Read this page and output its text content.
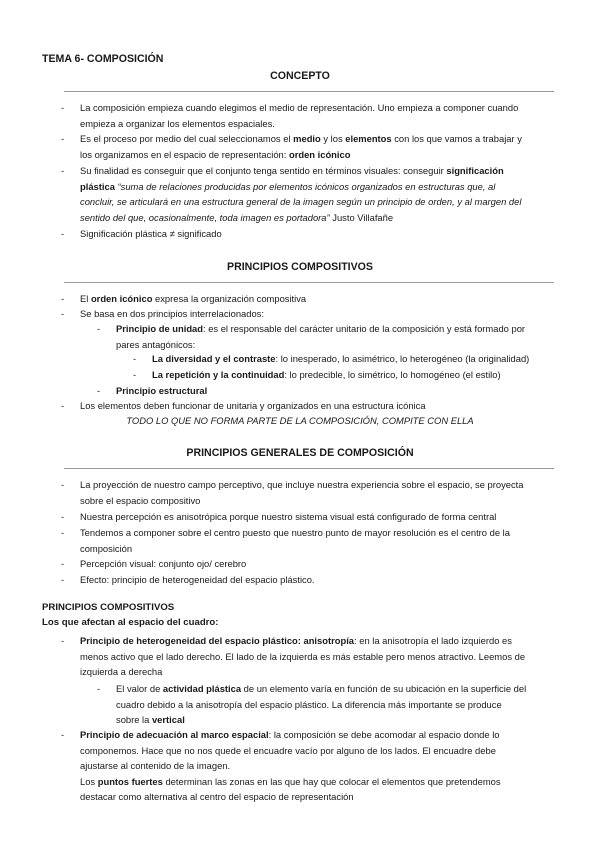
TEMA 6- COMPOSICIÓN
CONCEPTO
- La composición empieza cuando elegimos el medio de representación. Uno empieza a componer cuando
empieza a organizar los elementos espaciales.
- Es el proceso por medio del cual seleccionamos el medio y los elementos con los que vamos a trabajar y
los organizamos en el espacio de representación: orden icónico
- Su finalidad es conseguir que el conjunto tenga sentido en términos visuales: conseguir significación
plástica “suma de relaciones producidas por elementos icónicos organizados en estructuras que, al
concluir, se articulará en una estructura general de la imagen según un principio de orden, y al margen del
sentido del que, ocasionalmente, toda imagen es portadora” Justo Villafañe
- Significación plástica ≠ significado
PRINCIPIOS COMPOSITIVOS
- El orden icónico expresa la organización compositiva
- Se basa en dos principios interrelacionados:
- Principio de unidad: es el responsable del carácter unitario de la composición y está formado por
pares antagónicos:
- La diversidad y el contraste: lo inesperado, lo asimétrico, lo heterogéneo (la originalidad)
- La repetición y la continuidad: lo predecible, lo simétrico, lo homogéneo (el estilo)
- Principio estructural
- Los elementos deben funcionar de unitaria y organizados en una estructura icónica
TODO LO QUE NO FORMA PARTE DE LA COMPOSICIÓN, COMPITE CON ELLA
PRINCIPIOS GENERALES DE COMPOSICIÓN
- La proyección de nuestro campo perceptivo, que incluye nuestra experiencia sobre el espacio, se proyecta
sobre el espacio compositivo
- Nuestra percepción es anisotrópica porque nuestro sistema visual está configurado de forma central
- Tendemos a componer sobre el centro puesto que nuestro punto de mayor resolución es el centro de la
composición
- Percepción visual: conjunto ojo/ cerebro
- Efecto: principio de heterogeneidad del espacio plástico.
PRINCIPIOS COMPOSITIVOS
Los que afectan al espacio del cuadro:
- Principio de heterogeneidad del espacio plástico: anisotropía: en la anisotropía el lado izquierdo es
menos activo que el lado derecho. El lado de la izquierda es más estable pero menos atractivo. Leemos de
izquierda a derecha
- El valor de actividad plástica de un elemento varía en función de su ubicación en la superficie del
cuadro debido a la anisotropía del espacio plástico. La diferencia más importante se produce
sobre la vertical
- Principio de adecuación al marco espacial: la composición se debe acomodar al espacio donde lo
componemos. Hace que no nos quede el encuadre vacío por alguno de los lados. El encuadre debe
ajustarse al contenido de la imagen.
Los puntos fuertes determinan las zonas en las que hay que colocar el elementos que pretendemos
destacar como alternativa al centro del espacio de representación
